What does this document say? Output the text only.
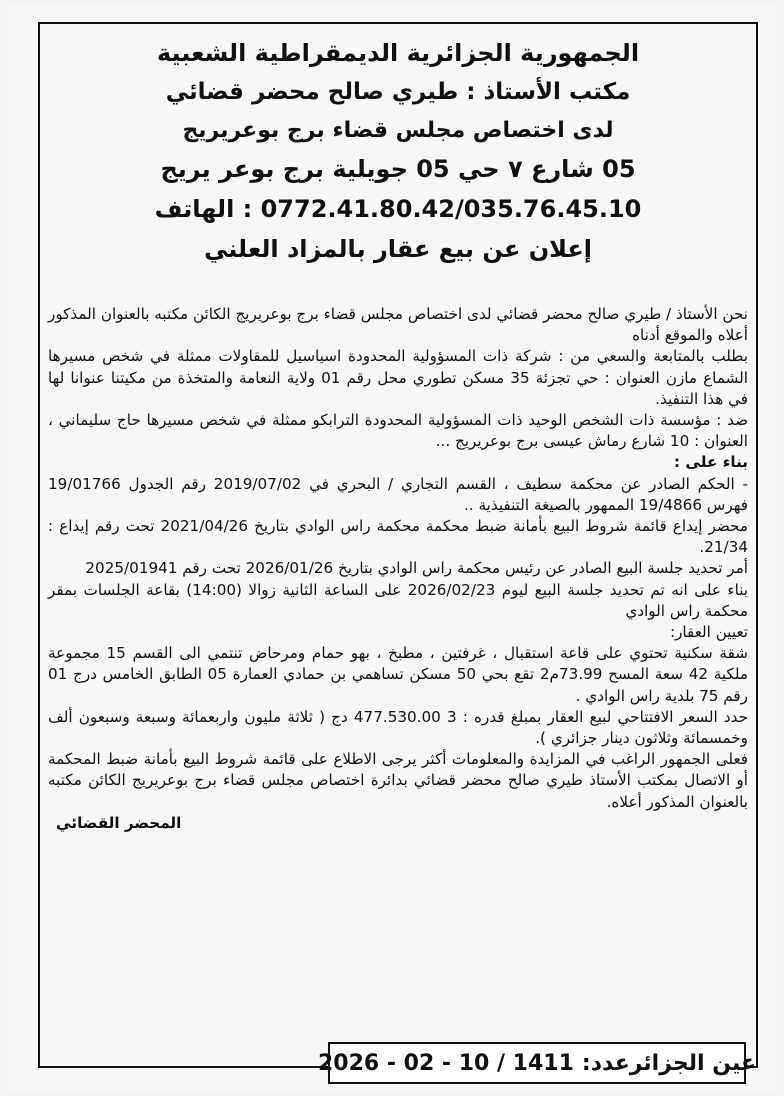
الجمهورية الجزائرية الديمقراطية الشعبية
مكتب الأستاذ : طيري صالح محضر قضائي
لدى اختصاص مجلس قضاء برج بوعريريج
05 شارع ٧ حي 05 جويلية برج بوعر يريج
0772.41.80.42/035.76.45.10 : الهاتف
إعلان عن بيع عقار بالمزاد العلني

نحن الأستاذ / طيري صالح محضر قضائي لدى اختصاص مجلس قضاء برج بوعريريج الكائن مكتبه بالعنوان المذكور أعلاه والموقع أدناه

بطلب بالمتابعة والسعي من : شركة ذات المسؤولية المحدودة اسياسيل للمقاولات ممثلة في شخص مسيرها الشماع مازن العنوان : حي تجزئة 35 مسكن تطوري محل رقم 01 ولاية النعامة والمتخذة من مكيتنا عنوانا لها في هذا التنفيذ.

ضد : مؤسسة ذات الشخص الوحيد ذات المسؤولية المحدودة الترابكو ممثلة في شخص مسيرها حاج سليماني ، العنوان : 10 شارع رماش عيسى برج بوعريريج ...

بناء على :

- الحكم الصادر عن محكمة سطيف ، القسم التجاري / البحري في 2019/07/02 رقم الجدول 19/01766 فهرس 19/4866 الممهور بالصيغة التنفيذية ..

محضر إيداع قائمة شروط البيع بأمانة ضبط محكمة محكمة راس الوادي بتاريخ 2021/04/26 تحت رقم إيداع : 21/34.

أمر تحديد جلسة البيع الصادر عن رئيس محكمة راس الوادي بتاريخ 2026/01/26 تحت رقم 2025/01941

بناء على انه تم تحديد جلسة البيع ليوم 2026/02/23 على الساعة الثانية زوالا (14:00) بقاعة الجلسات بمقر محكمة راس الوادي

تعيين العقار:

شقة سكنية تحتوي على قاعة استقبال ، غرفتين ، مطبخ ، بهو حمام ومرحاض تنتمي الى القسم 15 مجموعة ملكية 42 سعة المسح 73.99م2 تقع بحي 50 مسكن تساهمي بن حمادي العمارة 05 الطابق الخامس درج 01 رقم 75 بلدية راس الوادي .

حدد السعر الافتتاحي لبيع العقار بمبلغ قدره : 3 477.530.00 دج ( ثلاثة مليون واربعمائة وسبعة وسبعون ألف وخمسمائة وثلاثون دينار جزائري ).

فعلى الجمهور الراغب في المزايدة والمعلومات أكثر يرجى الاطلاع على قائمة شروط البيع بأمانة ضبط المحكمة أو الاتصال بمكتب الأستاذ طيري صالح محضر قضائي بدائرة اختصاص مجلس قضاء برج بوعريريج الكائن مكتبه بالعنوان المذكور أعلاه.

المحضر القضائي
عين الجزائرعدد:
2026 - 02 - 10 / 1411
